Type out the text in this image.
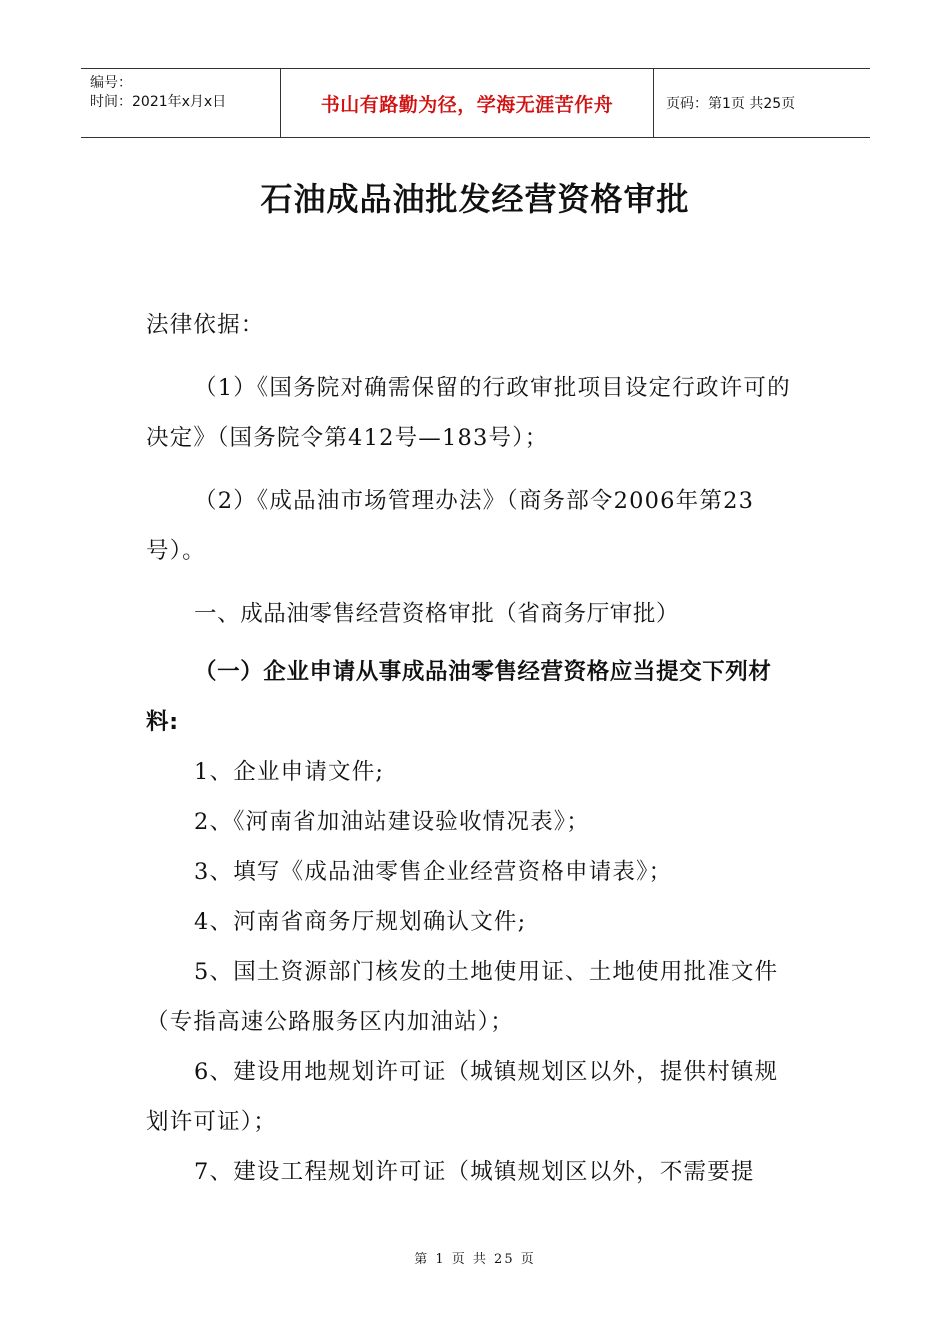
编号：
时间：2021年x月x日	书山有路勤为径，学海无涯苦作舟	页码：第1页 共25页
石油成品油批发经营资格审批

法律依据：

（1）《国务院对确需保留的行政审批项目设定行政许可的决定》（国务院令第412号—183号）；

（2）《成品油市场管理办法》（商务部令2006年第23号）。

一、成品油零售经营资格审批（省商务厅审批）

（一）企业申请从事成品油零售经营资格应当提交下列材料:

1、企业申请文件;

2、《河南省加油站建设验收情况表》；

3、填写《成品油零售企业经营资格申请表》；

4、河南省商务厅规划确认文件;

5、国土资源部门核发的土地使用证、土地使用批准文件（专指高速公路服务区内加油站）；

6、建设用地规划许可证（城镇规划区以外，提供村镇规划许可证）；

7、建设工程规划许可证（城镇规划区以外，不需要提

第 1 页 共 25 页
